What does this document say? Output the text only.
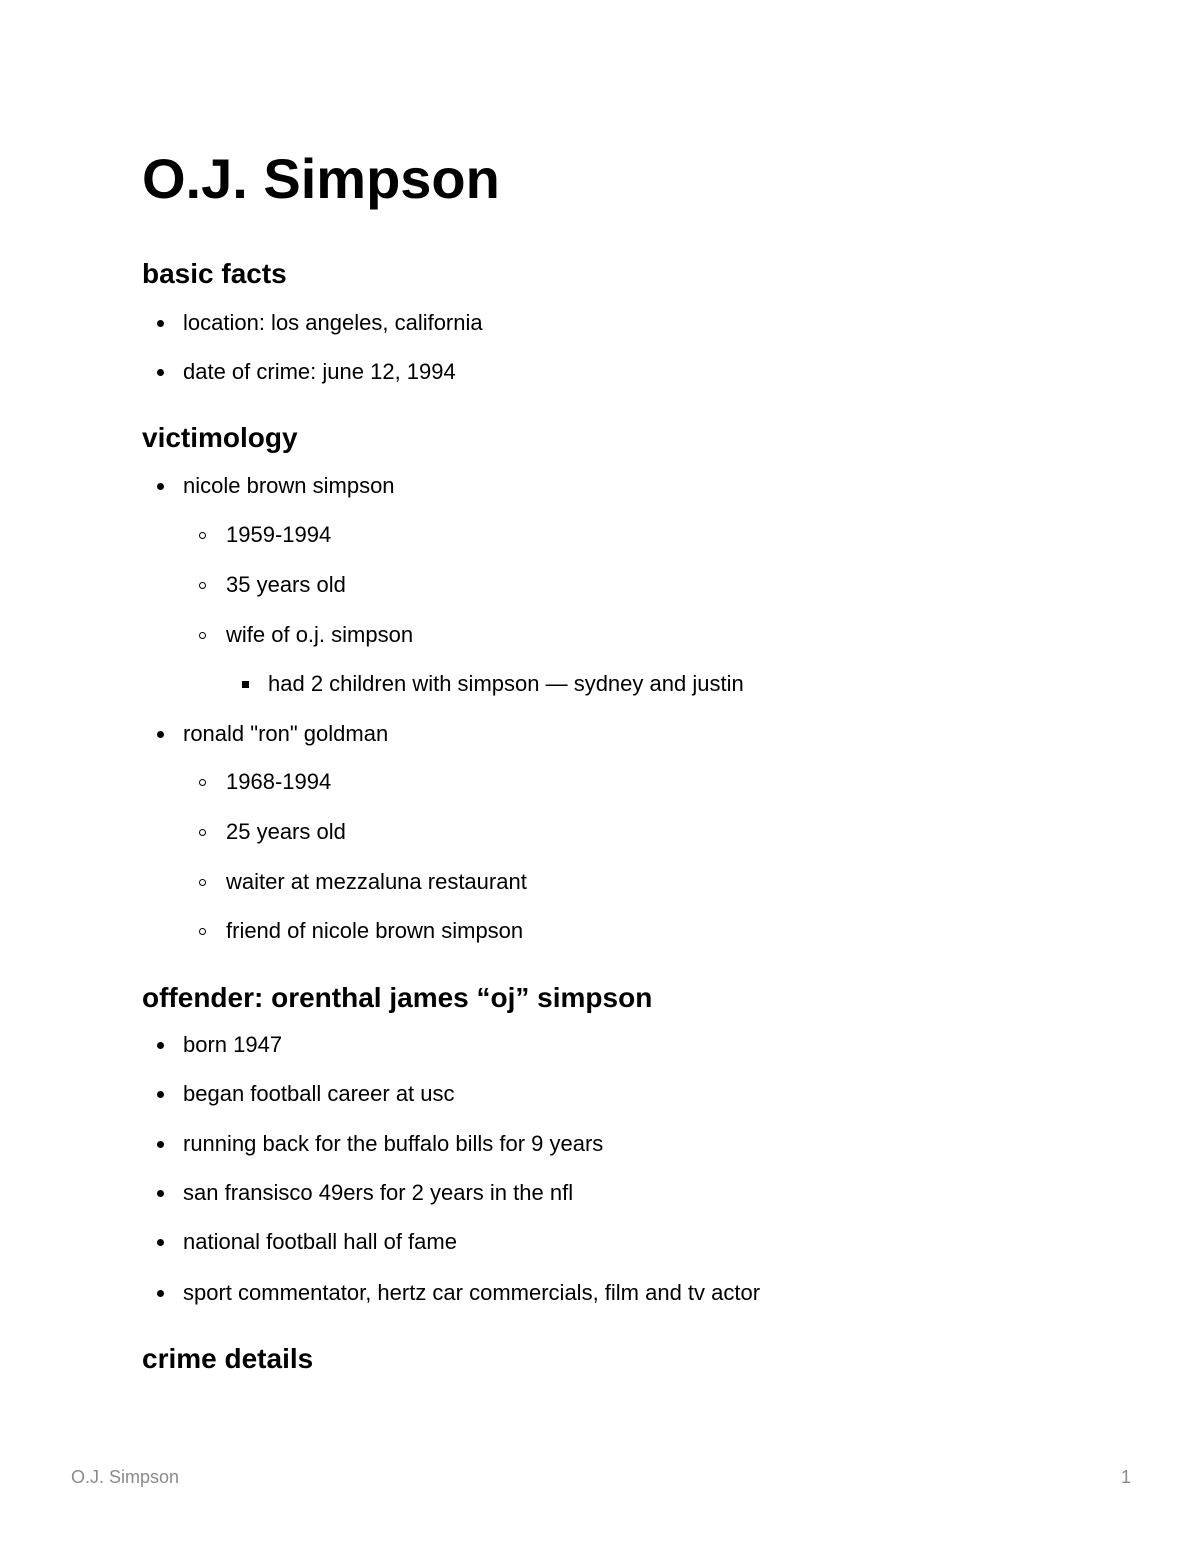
O.J. Simpson
basic facts
location: los angeles, california
date of crime: june 12, 1994
victimology
nicole brown simpson
1959-1994
35 years old
wife of o.j. simpson
had 2 children with simpson — sydney and justin
ronald "ron" goldman
1968-1994
25 years old
waiter at mezzaluna restaurant
friend of nicole brown simpson
offender: orenthal james “oj” simpson
born 1947
began football career at usc
running back for the buffalo bills for 9 years
san fransisco 49ers for 2 years in the nfl
national football hall of fame
sport commentator, hertz car commercials, film and tv actor
crime details
O.J. Simpson	1
